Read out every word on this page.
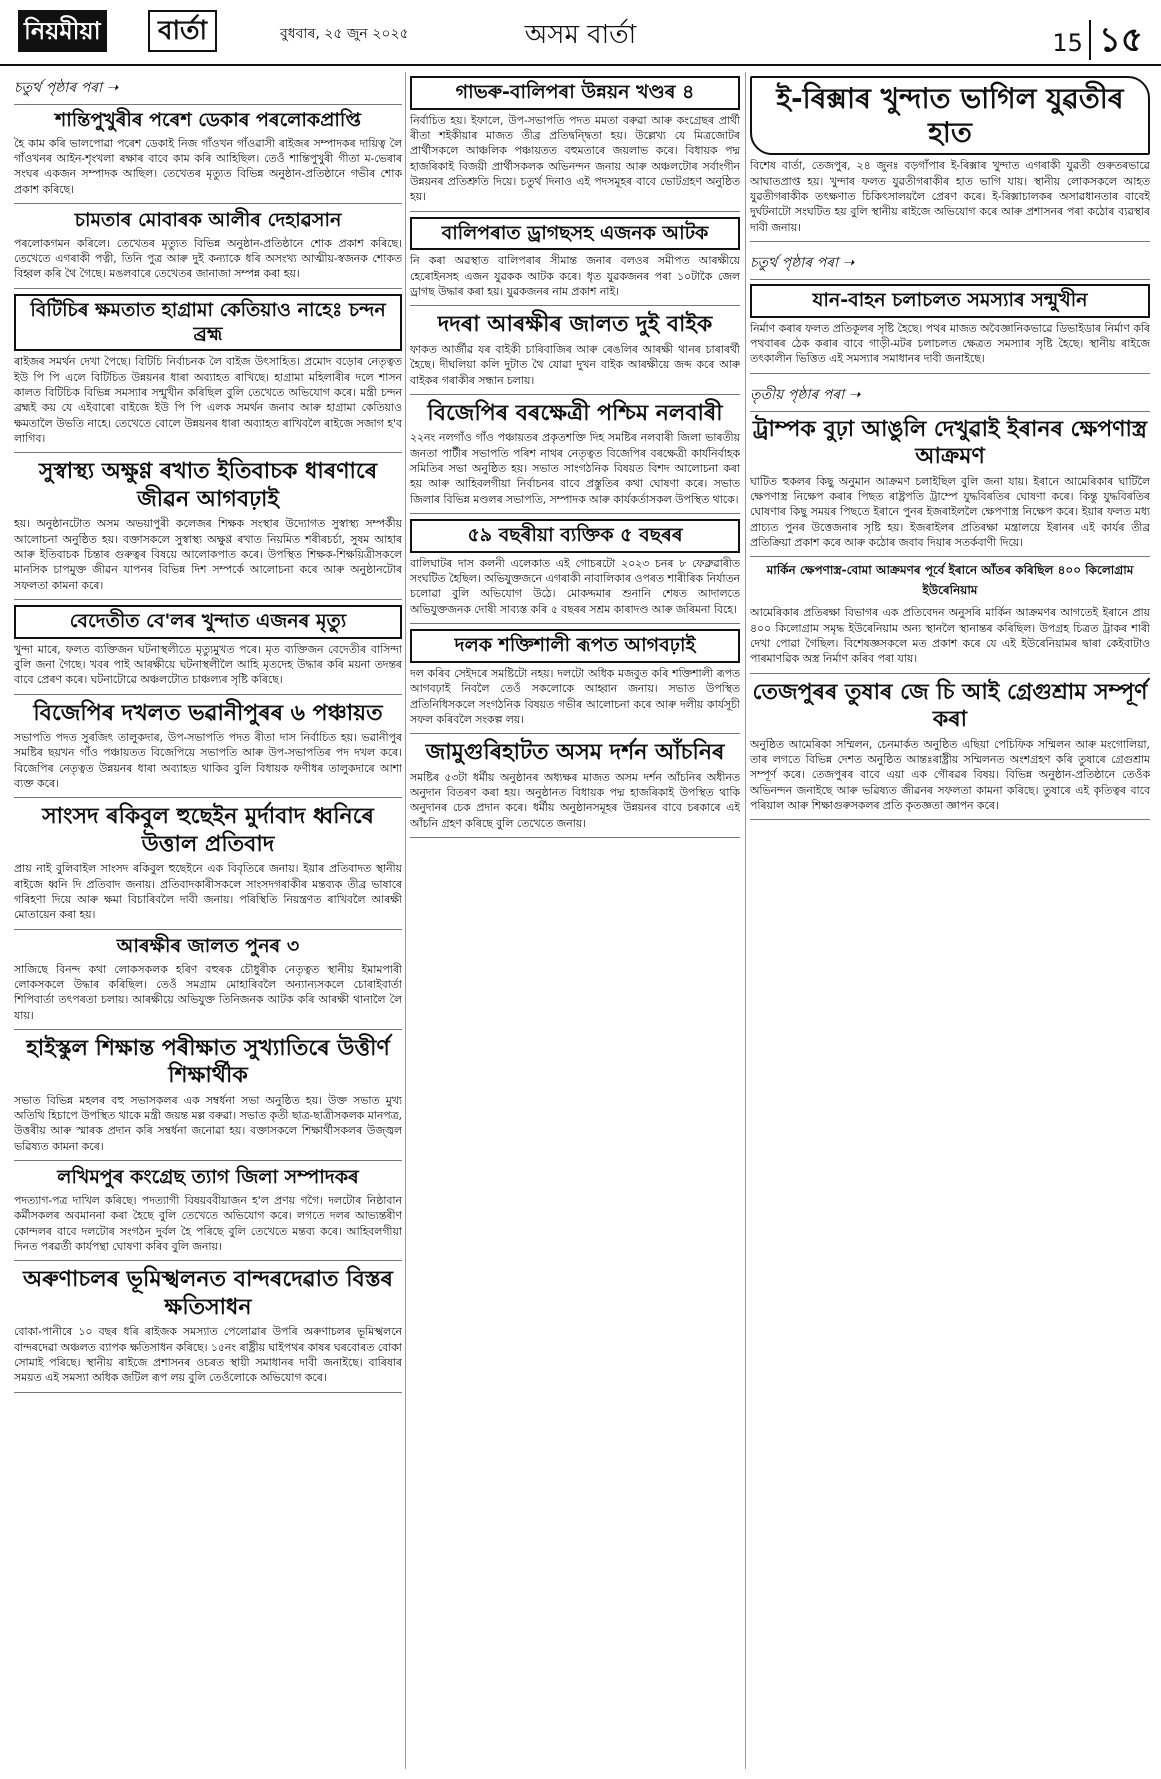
নিয়মীয়া	বাৰ্তা	বুধবাৰ, ২৫ জুন ২০২৫	অসম বাৰ্তা	15 ১৫
চতুৰ্থ পৃষ্ঠাৰ পৰা ➝
শান্তিপুখুৰীৰ পৰেশ ডেকাৰ পৰলোকপ্ৰাপ্তি
হৈ কাম কৰি ভালপোৱা পৰেশ ডেকাই নিজ গাঁওখন গাঁওৱাসী ৰাইজৰ সম্পাদকৰ দায়িত্ব লৈ গাঁওখনৰ আইন-শৃংখলা ৰক্ষাৰ বাবে কাম কৰি আহিছিল। তেওঁ শান্তিপুখুৰী গীতা ম-ভেৰাৰ সংঘৰ একজন সম্পাদক আছিল। তেখেতৰ মৃত্যুত বিভিন্ন অনুষ্ঠান-প্ৰতিষ্ঠানে গভীৰ শোক প্ৰকাশ কৰিছে।
চামতাৰ মোবাৰক আলীৰ দেহাৱসান
পৰলোকগমন কৰিলে। তেখেতৰ মৃত্যুত বিভিন্ন অনুষ্ঠান-প্ৰতিষ্ঠানে শোক প্ৰকাশ কৰিছে। তেখেতে এগৰাকী পত্নী, তিনি পুত্ৰ আৰু দুই কন্যাকে ধৰি অসংখ্য আত্মীয়-স্বজনক শোকত বিহ্বল কৰি থৈ গৈছে। মঙলবাৰে তেখেতৰ জানাজা সম্পন্ন কৰা হয়।
বিটিচিৰ ক্ষমতাত হাগ্ৰামা কেতিয়াও নাহেঃ চন্দন ব্ৰহ্ম
ৰাইজৰ সমৰ্থন দেখা পৈছে। বিটিচি নিৰ্বাচনক লৈ বাইজ উৎসাহিত। প্ৰমোদ বড়োৰ নেতৃত্বত ইউ পি পি এলে বিটিচিত উন্নয়নৰ ধাৰা অব্যাহত ৰাখিছে। হাগ্ৰামা মহিলাৰীৰ দলে শাসন কালত বিটিচিক বিভিন্ন সমস্যাৰ সন্মুখীন কৰিছিল বুলি তেখেতে অভিযোগ কৰে। মন্ত্ৰী চন্দন ব্ৰহ্মই কয় যে এইবাৰো বাইজে ইউ পি পি এলক সমৰ্থন জনাব আৰু হাগ্ৰামা কেতিয়াও ক্ষমতালৈ উভতি নাহে। তেখেতে বোলে উন্নয়নৰ ধাৰা অব্যাহত ৰাখিবলৈ ৰাইজে সজাগ হ'ব লাগিব।
সুস্বাস্থ্য অক্ষুণ্ণ ৰখাত ইতিবাচক ধাৰণাৰে জীৱন আগবঢ়াই
হয়। অনুষ্ঠানটোত অসম অভয়াপুৰী কলেজৰ শিক্ষক সংস্থাৰ উদ্যোগত সুস্বাস্থ্য সম্পৰ্কীয় আলোচনা অনুষ্ঠিত হয়। বক্তাসকলে সুস্বাস্থ্য অক্ষুণ্ণ ৰখাত নিয়মিত শৰীৰচৰ্চা, সুষম আহাৰ আৰু ইতিবাচক চিন্তাৰ গুৰুত্বৰ বিষয়ে আলোকপাত কৰে। উপস্থিত শিক্ষক-শিক্ষয়িত্ৰীসকলে মানসিক চাপমুক্ত জীৱন যাপনৰ বিভিন্ন দিশ সম্পৰ্কে আলোচনা কৰে আৰু অনুষ্ঠানটোৰ সফলতা কামনা কৰে।
বেদেতীত বে'লৰ খুন্দাত এজনৰ মৃত্যু
খুন্দা মাৰে, ফলত ব্যক্তিজন ঘটনাস্থলীতে মৃত্যুমুখত পৰে। মৃত ব্যক্তিজন বেদেতীৰ বাসিন্দা বুলি জনা গৈছে। খবৰ পাই আৰক্ষীয়ে ঘটনাস্থলীলৈ আহি মৃতদেহ উদ্ধাৰ কৰি ময়না তদন্তৰ বাবে প্ৰেৰণ কৰে। ঘটনাটোৱে অঞ্চলটোত চাঞ্চল্যৰ সৃষ্টি কৰিছে।
বিজেপিৰ দখলত ভৱানীপুৰৰ ৬ পঞ্চায়ত
সভাপতি পদত সুৰজিৎ তালুকদাৰ, উপ-সভাপতি পদত ৰীতা দাস নিৰ্বাচিত হয়। ভৱানীপুৰ সমষ্টিৰ ছয়খন গাঁও পঞ্চায়তত বিজেপিয়ে সভাপতি আৰু উপ-সভাপতিৰ পদ দখল কৰে। বিজেপিৰ নেতৃত্বত উন্নয়নৰ ধাৰা অব্যাহত থাকিব বুলি বিধায়ক ফণীধৰ তালুকদাৰে আশা ব্যক্ত কৰে।
সাংসদ ৰকিবুল হুছেইন মুৰ্দাবাদ ধ্বনিৰে উত্তাল প্ৰতিবাদ
প্ৰায় নাই বুলিবাইল সাংসদ ৰকিবুল হুছেইনে এক বিবৃতিৰে জনায়। ইয়াৰ প্ৰতিবাদত স্থানীয় ৰাইজে ধ্বনি দি প্ৰতিবাদ জনায়। প্ৰতিবাদকাৰীসকলে সাংসদগৰাকীৰ মন্তব্যক তীব্ৰ ভাষাৰে গৰিহণা দিয়ে আৰু ক্ষমা বিচাৰিবলৈ দাবী জনায়। পৰিস্থিতি নিয়ন্ত্ৰণত ৰাখিবলৈ আৰক্ষী মোতায়েন কৰা হয়।
আৰক্ষীৰ জালত পুনৰ ৩
সাজিছে বিনন্দ কথা লোকসকলক হৰিণ বহুৰক চৌধুৰীক নেতৃত্বত স্থানীয় ইমামপাৰী লোকসকলে উদ্ধাৰ কৰিছিল। তেওঁ সমগ্ৰাম মোহাৰিবলৈ অন্যান্যসকলে চোৰাইবাৰ্তা শিপিবাৰ্তা তৎপৰতা চলায়। আৰক্ষীয়ে অভিযুক্ত তিনিজনক আটক কৰি আৰক্ষী থানালৈ লৈ যায়।
হাইস্কুল শিক্ষান্ত পৰীক্ষাত সুখ্যাতিৰে উত্তীৰ্ণ শিক্ষাৰ্থীক
সভাত বিভিন্ন মহলৰ বহু সভাসকলৰ এক সম্বৰ্ধনা সভা অনুষ্ঠিত হয়। উক্ত সভাত মুখ্য অতিথি হিচাপে উপস্থিত থাকে মন্ত্ৰী জয়ন্ত মল্ল বৰুৱা। সভাত কৃতী ছাত্ৰ-ছাত্ৰীসকলক মানপত্ৰ, উত্তৰীয় আৰু স্মাৰক প্ৰদান কৰি সম্বৰ্ধনা জনোৱা হয়। বক্তাসকলে শিক্ষাৰ্থীসকলৰ উজ্জ্বল ভৱিষ্যত কামনা কৰে।
লখিমপুৰ কংগ্ৰেছ ত্যাগ জিলা সম্পাদকৰ
পদত্যাগ-পত্ৰ দাখিল কৰিছে। পদত্যাগী বিষয়ববীয়াজন হ'ল প্ৰণয় গগৈ। দলটোৰ নিষ্ঠাবান কৰ্মীসকলৰ অবমাননা কৰা হৈছে বুলি তেখেতে অভিযোগ কৰে। লগতে দলৰ আভ্যন্তৰীণ কোন্দলৰ বাবে দলটোৰ সংগঠন দুৰ্বল হৈ পৰিছে বুলি তেখেতে মন্তব্য কৰে। আহিবলগীয়া দিনত পৰৱৰ্তী কাৰ্যপন্থা ঘোষণা কৰিব বুলি জনায়।
অৰুণাচলৰ ভূমিস্খলনত বান্দৰদেৱাত বিস্তৰ ক্ষতিসাধন
বোকা-পানীৰে ১০ বছৰ ধৰি ৰাইজক সমস্যাত পেলোৱাৰ উপৰি অৰুণাচলৰ ভূমিস্খলনে বান্দৰদেৱা অঞ্চলত ব্যাপক ক্ষতিসাধন কৰিছে। ১৫নং ৰাষ্ট্ৰীয় ঘাইপথৰ কাষৰ ঘৰবোৰত বোকা সোমাই পৰিছে। স্থানীয় ৰাইজে প্ৰশাসনৰ ওচৰত স্থায়ী সমাধানৰ দাবী জনাইছে। বাৰিষাৰ সময়ত এই সমস্যা অধিক জটিল ৰূপ লয় বুলি তেওঁলোকে অভিযোগ কৰে।
গাভৰু-বালিপৰা উন্নয়ন খণ্ডৰ ৪
নিৰ্বাচিত হয়। ইফালে, উপ-সভাপতি পদত মমতা বৰুৱা আৰু কংগ্ৰেছৰ প্ৰাৰ্থী ৰীতা শইকীয়াৰ মাজত তীব্ৰ প্ৰতিদ্বন্দ্বিতা হয়। উল্লেখ্য যে মিত্ৰজোটৰ প্ৰাৰ্থীসকলে আঞ্চলিক পঞ্চায়তত বহুমতাৰে জয়লাভ কৰে। বিধায়ক পদ্ম হাজৰিকাই বিজয়ী প্ৰাৰ্থীসকলক অভিনন্দন জনায় আৰু অঞ্চলটোৰ সৰ্বাংগীন উন্নয়নৰ প্ৰতিশ্ৰুতি দিয়ে। চতুৰ্থ দিনাও এই পদসমূহৰ বাবে ভোটগ্ৰহণ অনুষ্ঠিত হয়।
বালিপৰাত ড্ৰাগছসহ এজনক আটক
নি কৰা অৱস্থাত বালিপৰাৰ সীমান্ত জনাৰ বলওৰ সমীপত আৰক্ষীয়ে হেৰোইনসহ এজন যুৱকক আটক কৰে। ধৃত যুৱকজনৰ পৰা ১০টাকৈ জেল ড্ৰাগছ উদ্ধাৰ কৰা হয়। যুৱকজনৰ নাম প্ৰকাশ নাই।
দদৰা আৰক্ষীৰ জালত দুই বাইক
ফাকত আৰ্জীৱ যৰ বাইকী চাৰিবাজিৰ আৰু ৰেঙলিৰ আৰক্ষী থানৰ চাৰাৰৰ্থী হৈছে। দীঘলিয়া কলি দুটাত থৈ যোৱা দুখন বাইক আৰক্ষীয়ে জব্দ কৰে আৰু বাইকৰ গৰাকীৰ সন্ধান চলায়।
বিজেপিৰ বৰক্ষেত্ৰী পশ্চিম নলবাৰী
২২নং নলগাঁও গাঁও পঞ্চায়তৰ প্ৰকৃতশক্তি দিহ সমষ্টিৰ নলবাৰী জিলা ভাৰতীয় জনতা পাৰ্টীৰ সভাপতি পৰিশ নাথৰ নেতৃত্বত বিজেপিৰ বৰক্ষেত্ৰী কাৰ্যনিৰ্বাহক সমিতিৰ সভা অনুষ্ঠিত হয়। সভাত সাংগঠনিক বিষয়ত বিশদ আলোচনা কৰা হয় আৰু আহিবলগীয়া নিৰ্বাচনৰ বাবে প্ৰস্তুতিৰ কথা ঘোষণা কৰে। সভাত জিলাৰ বিভিন্ন মণ্ডলৰ সভাপতি, সম্পাদক আৰু কাৰ্যকৰ্তাসকল উপস্থিত থাকে।
৫৯ বছৰীয়া ব্যক্তিক ৫ বছৰৰ
বালিঘাটৰ দাস কলনী এলেকাত এই গোচৰটো ২০২৩ চনৰ ৮ ফেব্ৰুৱাৰীত সংঘটিত হৈছিল। অভিযুক্তজনে এগৰাকী নাবালিকাৰ ওপৰত শাৰীৰিক নিৰ্যাতন চলোৱা বুলি অভিযোগ উঠে। মোকদ্দমাৰ শুনানি শেষত আদালতে অভিযুক্তজনক দোষী সাব্যস্ত কৰি ৫ বছৰৰ সশ্ৰম কাৰাদণ্ড আৰু জৰিমনা বিহে।
দলক শক্তিশালী ৰূপত আগবঢ়াই
দল কৰিব সেইদৰে সমষ্টিটো নহয়। দলটো অধিক মজবুত কৰি শক্তিশালী ৰূপত আগবঢ়াই নিবলৈ তেওঁ সকলোকে আহ্বান জনায়। সভাত উপস্থিত প্ৰতিনিধিসকলে সংগঠনিক বিষয়ত গভীৰ আলোচনা কৰে আৰু দলীয় কাৰ্যসূচী সফল কৰিবলৈ সংকল্প লয়।
জামুগুৰিহাটত অসম দৰ্শন আঁচনিৰ
সমষ্টিৰ ৫৩টা ধৰ্মীয় অনুষ্ঠানৰ অধ্যক্ষৰ মাজত অসম দৰ্শন আঁচনিৰ অধীনত অনুদান বিতৰণ কৰা হয়। অনুষ্ঠানত বিধায়ক পদ্ম হাজৰিকাই উপস্থিত থাকি অনুদানৰ চেক প্ৰদান কৰে। ধৰ্মীয় অনুষ্ঠানসমূহৰ উন্নয়নৰ বাবে চৰকাৰে এই আঁচনি গ্ৰহণ কৰিছে বুলি তেখেতে জনায়।
ই-ৰিক্সাৰ খুন্দাত ভাগিল যুৱতীৰ হাত
বিশেষ বাৰ্তা, তেজপুৰ, ২৪ জুনঃ বড়গাঁপাৰ ই-ৰিক্সাৰ খুন্দাত এগৰাকী যুৱতী গুৰুতৰভাৱে আঘাতপ্ৰাপ্ত হয়। খুন্দাৰ ফলত যুৱতীগৰাকীৰ হাত ভাগি যায়। স্থানীয় লোকসকলে আহত যুৱতীগৰাকীক তৎক্ষণাত চিকিৎসালয়লৈ প্ৰেৰণ কৰে। ই-ৰিক্সাচালকৰ অসাৱধানতাৰ বাবেই দুৰ্ঘটনাটো সংঘটিত হয় বুলি স্থানীয় ৰাইজে অভিযোগ কৰে আৰু প্ৰশাসনৰ পৰা কঠোৰ ব্যৱস্থাৰ দাবী জনায়।
চতুৰ্থ পৃষ্ঠাৰ পৰা ➝
যান-বাহন চলাচলত সমস্যাৰ সন্মুখীন
নিৰ্মাণ কৰাৰ ফলত প্ৰতিকূলৰ সৃষ্টি হৈছে। পথৰ মাজত অবৈজ্ঞানিকভাৱে ডিভাইডাৰ নিৰ্মাণ কৰি পথবাৰৰ ঠেক কৰাৰ বাবে গাড়ী-মটৰ চলাচলত ক্ষেত্ৰত সমস্যাৰ সৃষ্টি হৈছে। স্থানীয় ৰাইজে তৎকালীন ভিত্তিত এই সমস্যাৰ সমাধানৰ দাবী জনাইছে।
তৃতীয় পৃষ্ঠাৰ পৰা ➝
ট্ৰাম্পক বুঢ়া আঙুলি দেখুৱাই ইৰানৰ ক্ষেপণাস্ত্ৰ আক্ৰমণ
ঘাটিত হুকলৰ কিছু অনুমান আক্ৰমণ চলাইছিল বুলি জনা যায়। ইৰানে আমেৰিকাৰ ঘাটিলৈ ক্ষেপণাস্ত্ৰ নিক্ষেপ কৰাৰ পিছত ৰাষ্ট্ৰপতি ট্ৰাম্পে যুদ্ধবিৰতিৰ ঘোষণা কৰে। কিন্তু যুদ্ধবিৰতিৰ ঘোষণাৰ কিছু সময়ৰ পিছতে ইৰানে পুনৰ ইজৰাইললৈ ক্ষেপণাস্ত্ৰ নিক্ষেপ কৰে। ইয়াৰ ফলত মধ্য প্ৰাচ্যত পুনৰ উত্তেজনাৰ সৃষ্টি হয়। ইজৰাইলৰ প্ৰতিৰক্ষা মন্ত্ৰালয়ে ইৰানৰ এই কাৰ্যৰ তীব্ৰ প্ৰতিক্ৰিয়া প্ৰকাশ কৰে আৰু কঠোৰ জবাব দিয়াৰ সতৰ্কবাণী দিয়ে।
মাৰ্কিন ক্ষেপণাস্ত্ৰ-বোমা আক্ৰমণৰ পূৰ্বে ইৰানে আঁতৰ কৰিছিল ৪০০ কিলোগ্ৰাম ইউৰেনিয়াম
আমেৰিকাৰ প্ৰতিৰক্ষা বিভাগৰ এক প্ৰতিবেদন অনুসৰি মাৰ্কিন আক্ৰমণৰ আগতেই ইৰানে প্ৰায় ৪০০ কিলোগ্ৰাম সমৃদ্ধ ইউৰেনিয়াম অন্য স্থানলৈ স্থানান্তৰ কৰিছিল। উপগ্ৰহ চিত্ৰত ট্ৰাকৰ শাৰী দেখা পোৱা গৈছিল। বিশেষজ্ঞসকলে মত প্ৰকাশ কৰে যে এই ইউৰেনিয়ামৰ দ্বাৰা কেইবাটাও পাৰমাণৱিক অস্ত্ৰ নিৰ্মাণ কৰিব পৰা যায়।
তেজপুৰৰ তুষাৰ জে চি আই গ্ৰেগুশ্ৰাম সম্পূৰ্ণ কৰা
অনুষ্ঠিত আমেৰিকা সম্মিলন, চেনমাৰ্কত অনুষ্ঠিত এছিয়া পেচিফিক সম্মিলন আৰু মংগোলিয়া, তাৰ লগতে বিভিন্ন দেশত অনুষ্ঠিত আন্তঃৰাষ্ট্ৰীয় সম্মিলনত অংশগ্ৰহণ কৰি তুষাৰে গ্ৰেগুশ্ৰাম সম্পূৰ্ণ কৰে। তেজপুৰৰ বাবে এয়া এক গৌৰৱৰ বিষয়। বিভিন্ন অনুষ্ঠান-প্ৰতিষ্ঠানে তেওঁক অভিনন্দন জনাইছে আৰু ভৱিষ্যত জীৱনৰ সফলতা কামনা কৰিছে। তুষাৰে এই কৃতিত্বৰ বাবে পৰিয়াল আৰু শিক্ষাগুৰুসকলৰ প্ৰতি কৃতজ্ঞতা জ্ঞাপন কৰে।
